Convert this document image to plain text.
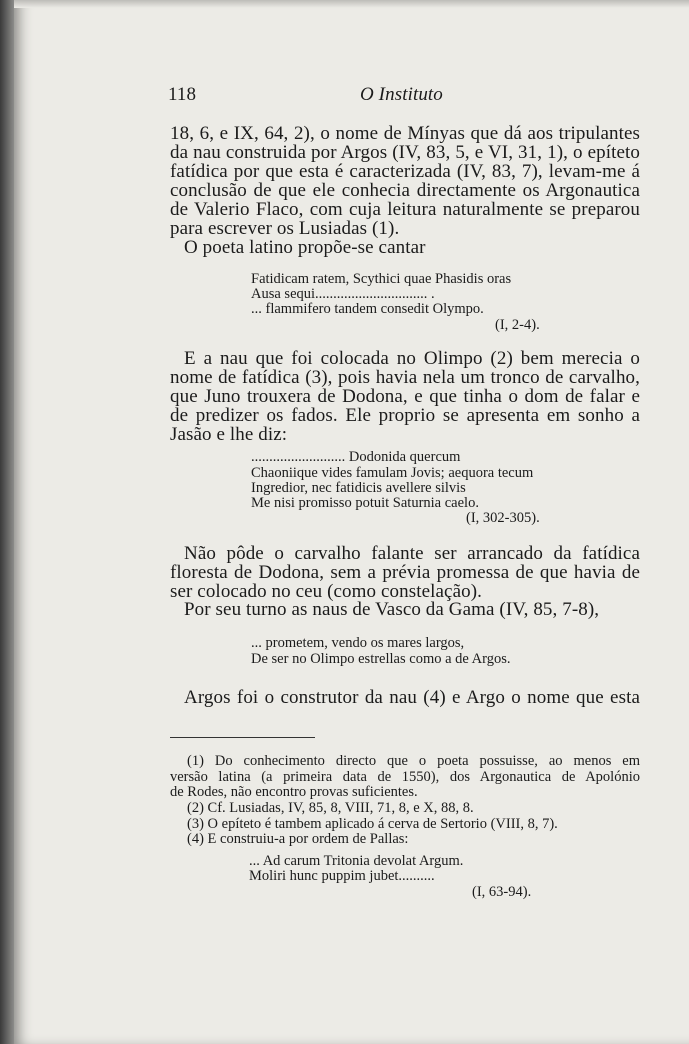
118	O Instituto
18, 6, e IX, 64, 2), o nome de Mínyas que dá aos tripulantes
da nau construida por Argos (IV, 83, 5, e VI, 31, 1), o epíteto
fatídica por que esta é caracterizada (IV, 83, 7), levam-me á
conclusão de que ele conhecia directamente os Argonautica
de Valerio Flaco, com cuja leitura naturalmente se preparou
para escrever os Lusiadas (1).
O poeta latino propõe-se cantar
Fatidicam ratem, Scythici quae Phasidis oras
Ausa sequi............................... .
... flammifero tandem consedit Olympo.
(I, 2-4).
E a nau que foi colocada no Olimpo (2) bem merecia o
nome de fatídica (3), pois havia nela um tronco de carvalho,
que Juno trouxera de Dodona, e que tinha o dom de falar e
de predizer os fados. Ele proprio se apresenta em sonho a
Jasão e lhe diz:
.......................... Dodonida quercum
Chaoniique vides famulam Jovis; aequora tecum
Ingredior, nec fatidicis avellere silvis
Me nisi promisso potuit Saturnia caelo.
(I, 302-305).
Não pôde o carvalho falante ser arrancado da fatídica
floresta de Dodona, sem a prévia promessa de que havia de
ser colocado no ceu (como constelação).
Por seu turno as naus de Vasco da Gama (IV, 85, 7-8),
... prometem, vendo os mares largos,
De ser no Olimpo estrellas como a de Argos.
Argos foi o construtor da nau (4) e Argo o nome que esta
(1) Do conhecimento directo que o poeta possuisse, ao menos em
versão latina (a primeira data de 1550), dos Argonautica de Apolónio
de Rodes, não encontro provas suficientes.
(2) Cf. Lusiadas, IV, 85, 8, VIII, 71, 8, e X, 88, 8.
(3) O epíteto é tambem aplicado á cerva de Sertorio (VIII, 8, 7).
(4) E construiu-a por ordem de Pallas:
... Ad carum Tritonia devolat Argum.
Moliri hunc puppim jubet..........
(I, 63-94).
